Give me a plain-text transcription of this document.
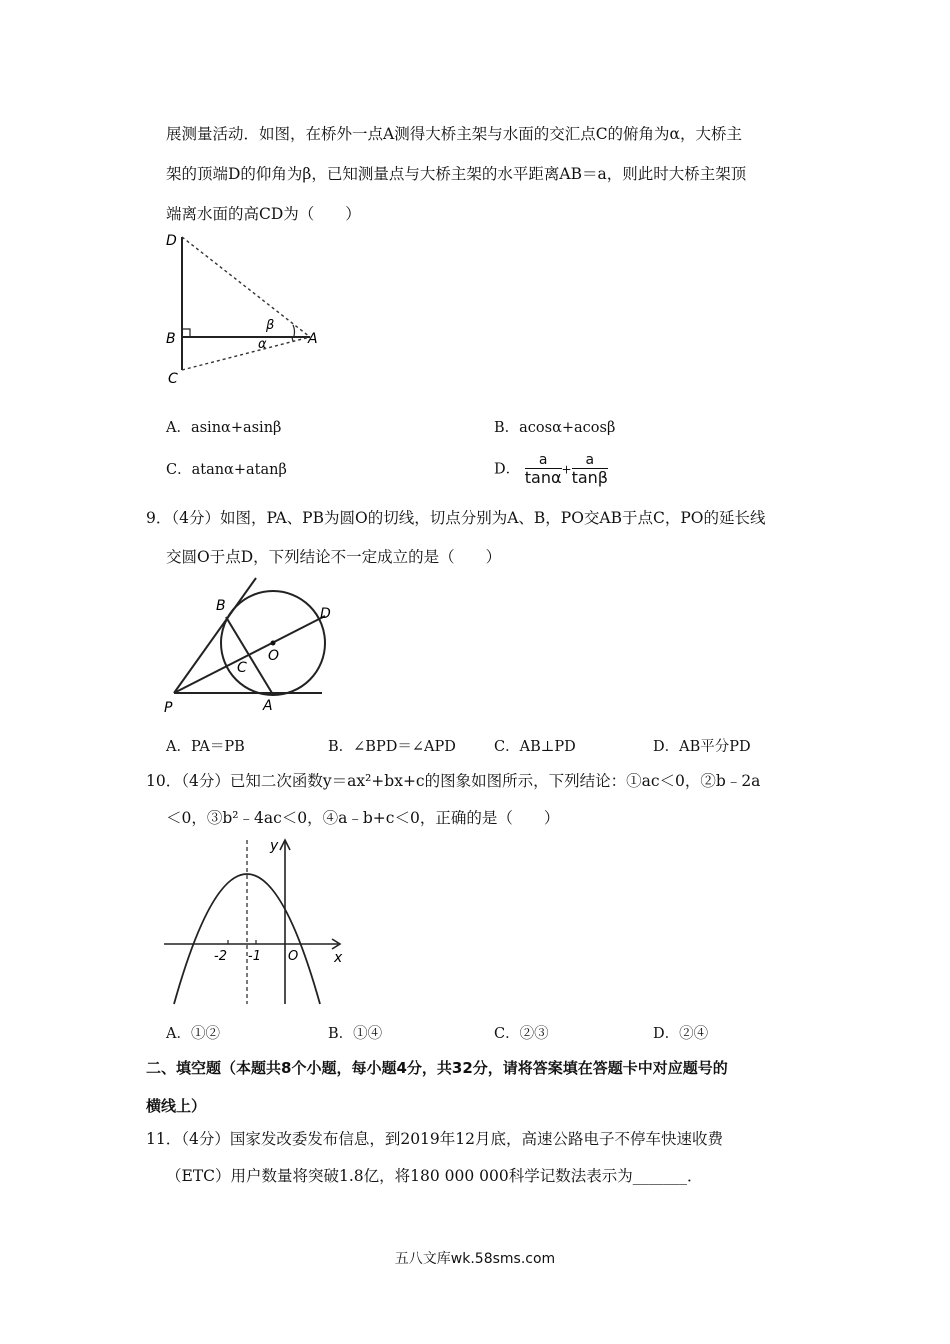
展测量活动．如图，在桥外一点A测得大桥主架与水面的交汇点C的俯角为α，大桥主
架的顶端D的仰角为β，已知测量点与大桥主架的水平距离AB＝a，则此时大桥主架顶
端离水面的高CD为（　　）
D
B
C
A
β
α
A．asinα+asinβ	B．acosα+acosβ
C．atanα+atanβ	D． $\frac{a}{\tan\alpha} + \frac{a}{\tan\beta}$
9．（4分）如图，PA、PB为圆O的切线，切点分别为A、B，PO交AB于点C，PO的延长线
交圆O于点D，下列结论不一定成立的是（　　）
B	D
O
C
P	A
A．PA＝PB	B．∠BPD＝∠APD	C．AB⊥PD	D．AB平分PD
10．（4分）已知二次函数y＝ax²+bx+c的图象如图所示，下列结论：①ac＜0，②b﹣2a
＜0，③b²﹣4ac＜0，④a﹣b+c＜0，正确的是（　　）
y
x
O
-2 -1
A．①②	B．①④	C．②③	D．②④
二、填空题（本题共8个小题，每小题4分，共32分，请将答案填在答题卡中对应题号的
横线上）
11．（4分）国家发改委发布信息，到2019年12月底，高速公路电子不停车快速收费
（ETC）用户数量将突破1.8亿，将180 000 000科学记数法表示为_______．
五八文库wk.58sms.com
